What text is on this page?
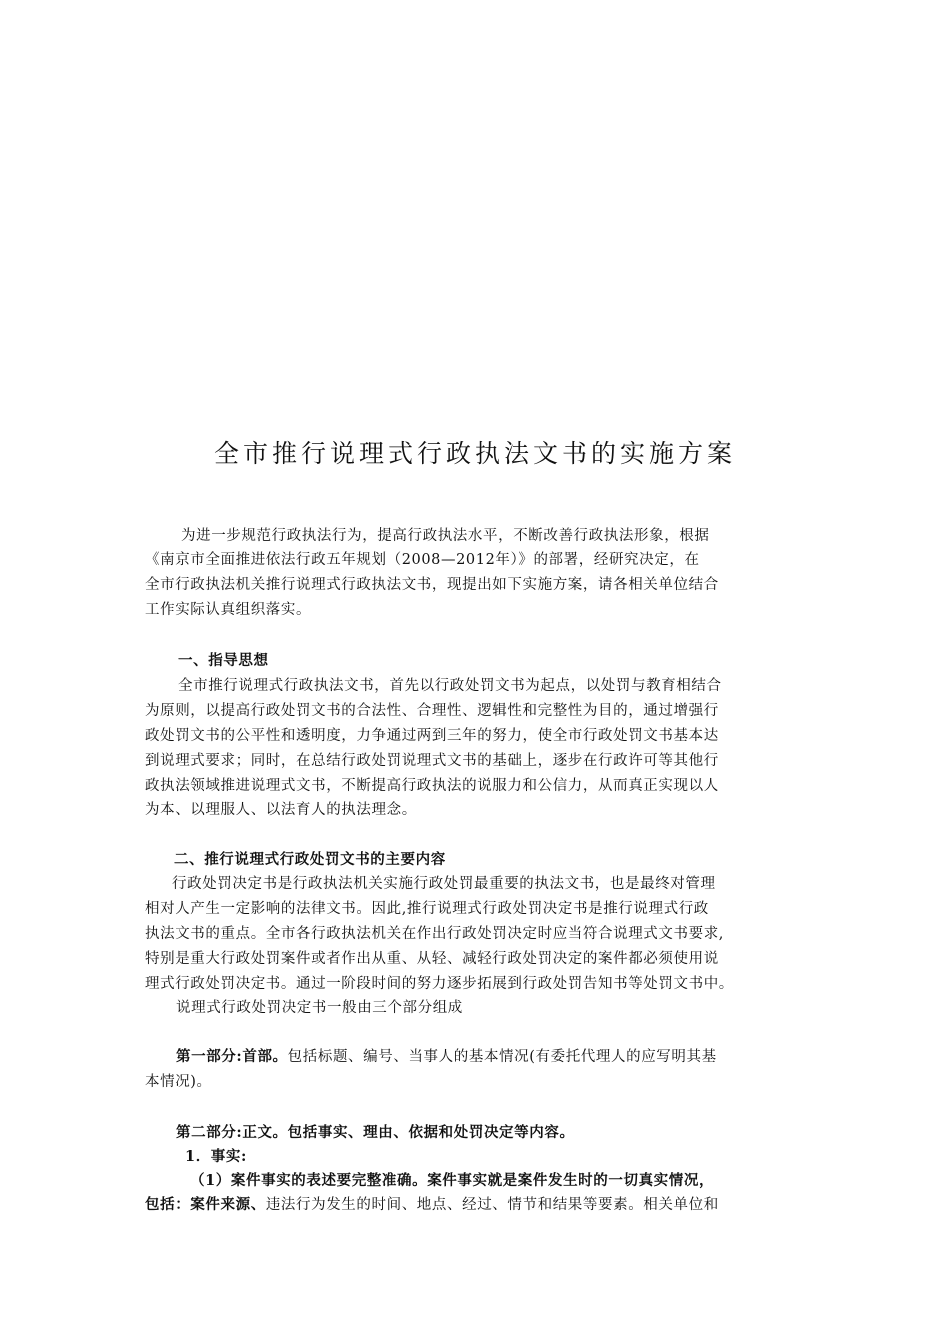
全市推行说理式行政执法文书的实施方案
为进一步规范行政执法行为，提高行政执法水平，不断改善行政执法形象，根据
《南京市全面推进依法行政五年规划（2008—2012年）》的部署，经研究决定，在
全市行政执法机关推行说理式行政执法文书，现提出如下实施方案，请各相关单位结合
工作实际认真组织落实。
一、指导思想
全市推行说理式行政执法文书，首先以行政处罚文书为起点，以处罚与教育相结合
为原则，以提高行政处罚文书的合法性、合理性、逻辑性和完整性为目的，通过增强行
政处罚文书的公平性和透明度，力争通过两到三年的努力，使全市行政处罚文书基本达
到说理式要求；同时，在总结行政处罚说理式文书的基础上，逐步在行政许可等其他行
政执法领域推进说理式文书，不断提高行政执法的说服力和公信力，从而真正实现以人
为本、以理服人、以法育人的执法理念。
二、推行说理式行政处罚文书的主要内容
行政处罚决定书是行政执法机关实施行政处罚最重要的执法文书，也是最终对管理
相对人产生一定影响的法律文书。因此,推行说理式行政处罚决定书是推行说理式行政
执法文书的重点。全市各行政执法机关在作出行政处罚决定时应当符合说理式文书要求,
特别是重大行政处罚案件或者作出从重、从轻、减轻行政处罚决定的案件都必须使用说
理式行政处罚决定书。通过一阶段时间的努力逐步拓展到行政处罚告知书等处罚文书中。
说理式行政处罚决定书一般由三个部分组成
第一部分:首部。包括标题、编号、当事人的基本情况(有委托代理人的应写明其基
本情况)。
第二部分:正文。包括事实、理由、依据和处罚决定等内容。
1．事实:
（1）案件事实的表述要完整准确。案件事实就是案件发生时的一切真实情况，
包括：案件来源、违法行为发生的时间、地点、经过、情节和结果等要素。相关单位和
